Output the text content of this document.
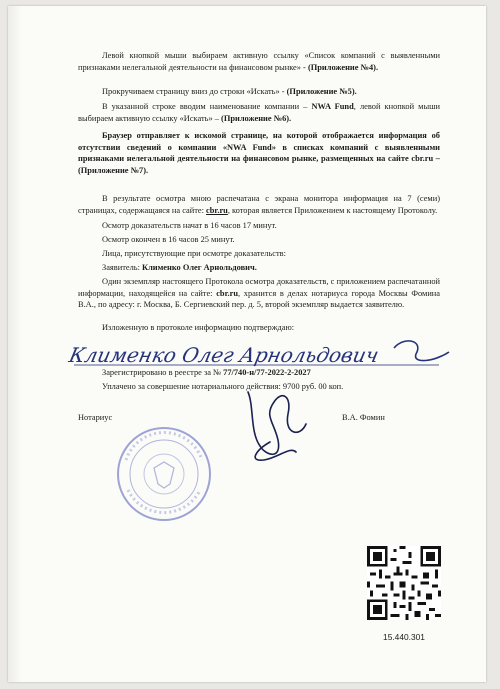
Левой кнопкой мыши выбираем активную ссылку «Список компаний с выявленными признаками нелегальной деятельности на финансовом рынке» - (Приложение №4).

Прокручиваем страницу вниз до строки «Искать» - (Приложение №5).

В указанной строке вводим наименование компании – NWA Fund, левой кнопкой мыши выбираем активную ссылку «Искать» – (Приложение №6).

Браузер отправляет к искомой странице, на которой отображается информация об отсутствии сведений о компании «NWA Fund» в списках компаний с выявленными признаками нелегальной деятельности на финансовом рынке, размещенных на сайте cbr.ru – (Приложение №7).

В результате осмотра мною распечатана с экрана монитора информация на 7 (семи) страницах, содержащаяся на сайте: cbr.ru, которая является Приложением к настоящему Протоколу.

Осмотр доказательств начат в 16 часов 17 минут.

Осмотр окончен в 16 часов 25 минут.

Лица, присутствующие при осмотре доказательств:

Заявитель: Клименко Олег Арнольдович.

Один экземпляр настоящего Протокола осмотра доказательств, с приложением распечатанной информации, находящейся на сайте: cbr.ru, хранится в делах нотариуса города Москвы Фомина В.А., по адресу: г. Москва, Б. Сергиевский пер. д. 5, второй экземпляр выдается заявителю.

Изложенную в протоколе информацию подтверждаю:

Клименко Олег Арнольдович

Зарегистрировано в реестре за № 77/740-н/77-2022-2-2027

Уплачено за совершение нотариального действия: 9700 руб. 00 коп.

Нотариус	В.А. Фомин
15.440.301
